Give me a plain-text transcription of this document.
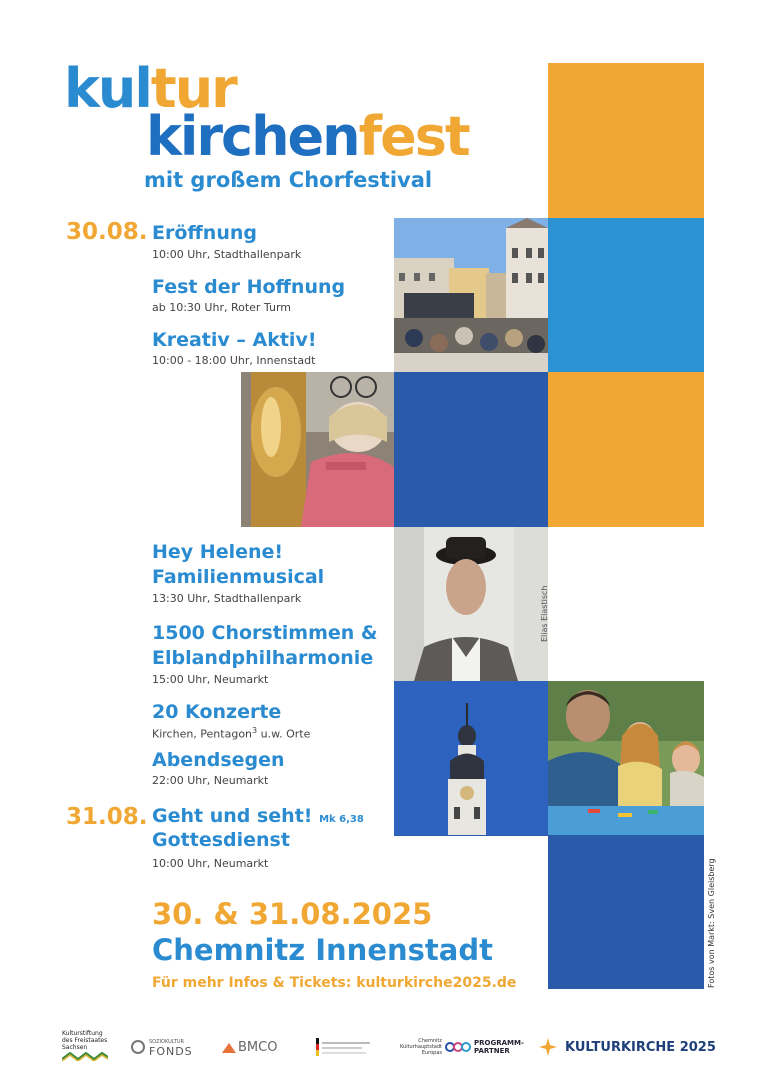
kultur
kirchenfest
mit großem Chorfestival
Elias Elastisch
Fotos von Markt: Sven Gleisberg
30.08.
31.08.
Eröffnung
10:00 Uhr, Stadthallenpark
Fest der Hoffnung
ab 10:30 Uhr, Roter Turm
Kreativ – Aktiv!
10:00 - 18:00 Uhr, Innenstadt
Hey Helene!
Familienmusical
13:30 Uhr, Stadthallenpark
1500 Chorstimmen &
Elblandphilharmonie
15:00 Uhr, Neumarkt
20 Konzerte
Kirchen, Pentagon$^3$ u.w. Orte
Abendsegen
22:00 Uhr, Neumarkt
Geht und seht! Mk 6,38
Gottesdienst
10:00 Uhr, Neumarkt
30. & 31.08.2025
Chemnitz Innenstadt
Für mehr Infos & Tickets: kulturkirche2025.de
Kulturstiftung des Freistaates Sachsen
SOZIOKULTUR
FONDS	BMCO	Chemnitz Kulturhauptstadt Europas
PROGRAMM- PARTNER	KULTURKIRCHE 2025
